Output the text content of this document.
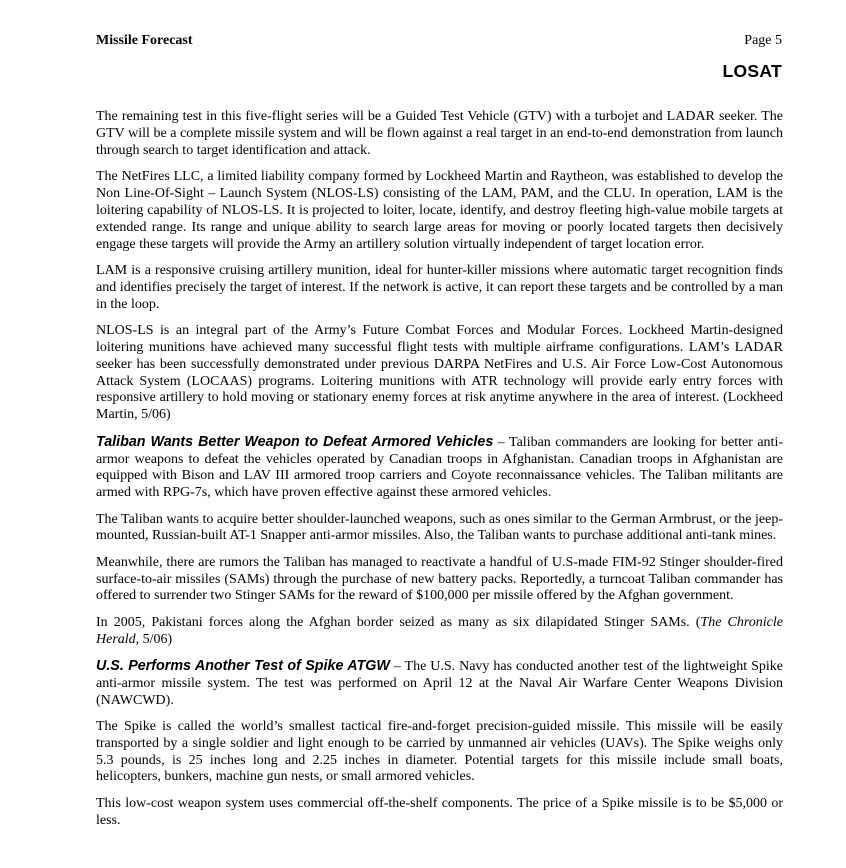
Missile Forecast	Page 5
LOSAT

The remaining test in this five-flight series will be a Guided Test Vehicle (GTV) with a turbojet and LADAR seeker. The GTV will be a complete missile system and will be flown against a real target in an end-to-end demonstration from launch through search to target identification and attack.

The NetFires LLC, a limited liability company formed by Lockheed Martin and Raytheon, was established to develop the Non Line-Of-Sight – Launch System (NLOS-LS) consisting of the LAM, PAM, and the CLU. In operation, LAM is the loitering capability of NLOS-LS. It is projected to loiter, locate, identify, and destroy fleeting high-value mobile targets at extended range. Its range and unique ability to search large areas for moving or poorly located targets then decisively engage these targets will provide the Army an artillery solution virtually independent of target location error.

LAM is a responsive cruising artillery munition, ideal for hunter-killer missions where automatic target recognition finds and identifies precisely the target of interest. If the network is active, it can report these targets and be controlled by a man in the loop.

NLOS-LS is an integral part of the Army’s Future Combat Forces and Modular Forces. Lockheed Martin-designed loitering munitions have achieved many successful flight tests with multiple airframe configurations. LAM’s LADAR seeker has been successfully demonstrated under previous DARPA NetFires and U.S. Air Force Low-Cost Autonomous Attack System (LOCAAS) programs. Loitering munitions with ATR technology will provide early entry forces with responsive artillery to hold moving or stationary enemy forces at risk anytime anywhere in the area of interest. (Lockheed Martin, 5/06)

Taliban Wants Better Weapon to Defeat Armored Vehicles – Taliban commanders are looking for better anti-armor weapons to defeat the vehicles operated by Canadian troops in Afghanistan. Canadian troops in Afghanistan are equipped with Bison and LAV III armored troop carriers and Coyote reconnaissance vehicles. The Taliban militants are armed with RPG-7s, which have proven effective against these armored vehicles.

The Taliban wants to acquire better shoulder-launched weapons, such as ones similar to the German Armbrust, or the jeep-mounted, Russian-built AT-1 Snapper anti-armor missiles. Also, the Taliban wants to purchase additional anti-tank mines.

Meanwhile, there are rumors the Taliban has managed to reactivate a handful of U.S-made FIM-92 Stinger shoulder-fired surface-to-air missiles (SAMs) through the purchase of new battery packs. Reportedly, a turncoat Taliban commander has offered to surrender two Stinger SAMs for the reward of $100,000 per missile offered by the Afghan government.

In 2005, Pakistani forces along the Afghan border seized as many as six dilapidated Stinger SAMs. (The Chronicle Herald, 5/06)

U.S. Performs Another Test of Spike ATGW – The U.S. Navy has conducted another test of the lightweight Spike anti-armor missile system. The test was performed on April 12 at the Naval Air Warfare Center Weapons Division (NAWCWD).

The Spike is called the world’s smallest tactical fire-and-forget precision-guided missile. This missile will be easily transported by a single soldier and light enough to be carried by unmanned air vehicles (UAVs). The Spike weighs only 5.3 pounds, is 25 inches long and 2.25 inches in diameter. Potential targets for this missile include small boats, helicopters, bunkers, machine gun nests, or small armored vehicles.

This low-cost weapon system uses commercial off-the-shelf components. The price of a Spike missile is to be $5,000 or less.
